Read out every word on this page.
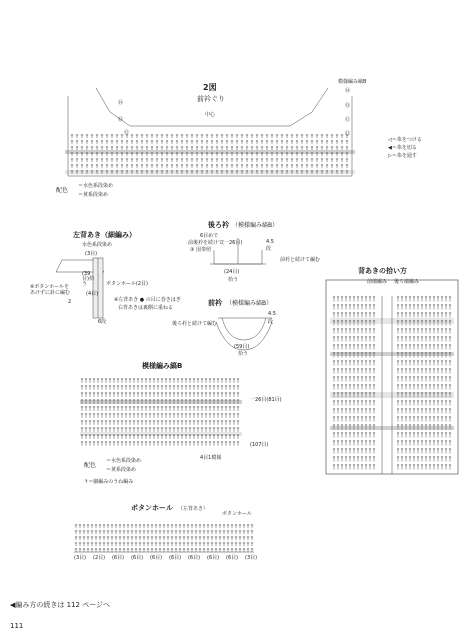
2図
前衿ぐり
模様編み縞B
中心
⑭
⑬
⑫
⑭
⑬
⑫
⑪
配色
＝水色系段染め
＝黄系段染め
◁＝糸をつける
◀＝糸を切る
▷＝糸を通す
左背あき（細編み）
水色系段染め
(3目)
(39目)拾う
(4目)
ボタンホール(2目)
※ボタンホールをあけずに針に編む
※左背あき ● の目に巻きはぎ
右背あきは裏側に重ねる
2
6段
後ろ衿 （模様編み縞B）
6目めで
(一26目)
前後衿を続けて
③ 図参照
(24目)
拾う
4.5
段
前衿と続けて編む
前衿 （模様編み縞B）
後ろ衿と続けて編む
(59目)
拾う
4.5
段
模様編み縞B
一26目(81目)
(107目)
4目1模様
配色
＝水色系段染め
＝黄系段染め
↑＝細編みのうね編み
背あきの拾い方
前端編み 後ろ端編み
ボタンホール （左背あき）
ボタンホール
(3目) (2目) (6目) (6目) (6目) (6目) (6目) (6目) (6目) (3目)
◀編み方の続きは 112 ページへ
111
